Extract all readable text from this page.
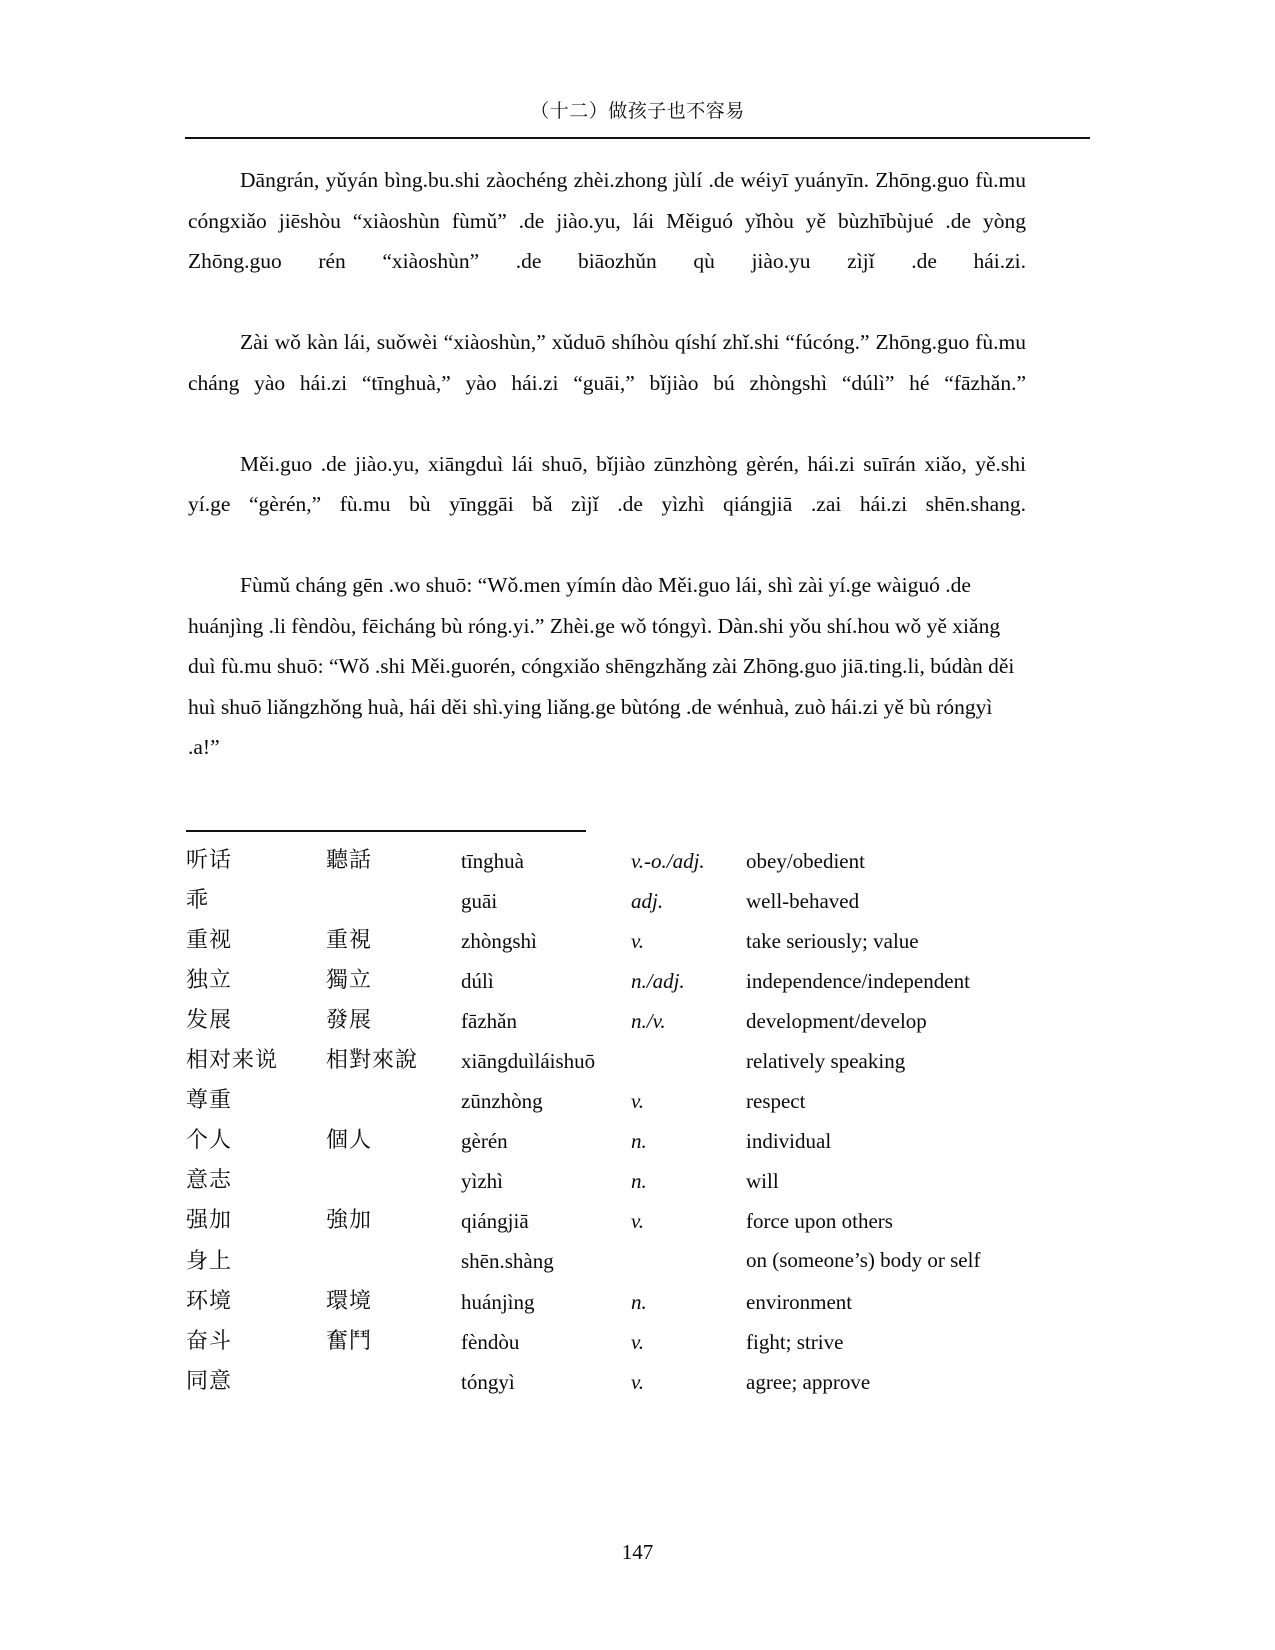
（十二）做孩子也不容易

Dāngrán, yǔyán bìng.bu.shi zàochéng zhèi.zhong jùlí .de wéiyī yuányīn. Zhōng.guo fù.mu cóngxiǎo jiēshòu “xiàoshùn fùmǔ” .de jiào.yu, lái Měiguó yǐhòu yě bùzhībùjué .de yòng Zhōng.guo rén “xiàoshùn” .de biāozhǔn qù jiào.yu zìjǐ .de hái.zi.

Zài wǒ kàn lái, suǒwèi “xiàoshùn,” xǔduō shíhòu qíshí zhǐ.shi “fúcóng.” Zhōng.guo fù.mu cháng yào hái.zi “tīnghuà,” yào hái.zi “guāi,” bǐjiào bú zhòngshì “dúlì” hé “fāzhǎn.”

Měi.guo .de jiào.yu, xiāngduì lái shuō, bǐjiào zūnzhòng gèrén, hái.zi suīrán xiǎo, yě.shi yí.ge “gèrén,” fù.mu bù yīnggāi bǎ zìjǐ .de yìzhì qiángjiā .zai hái.zi shēn.shang.

Fùmǔ cháng gēn .wo shuō: “Wǒ.men yímín dào Měi.guo lái, shì zài yí.ge wàiguó .de huánjìng .li fèndòu, fēicháng bù róng.yi.” Zhèi.ge wǒ tóngyì. Dàn.shi yǒu shí.hou wǒ yě xiǎng duì fù.mu shuō: “Wǒ .shi Měi.guorén, cóngxiǎo shēngzhǎng zài Zhōng.guo jiā.ting.li, búdàn děi huì shuō liǎngzhǒng huà, hái děi shì.ying liǎng.ge bùtóng .de wénhuà, zuò hái.zi yě bù róngyì .a!”

听话	聽話	tīnghuà	v.-o./adj.	obey/obedient
乖		guāi	adj.	well-behaved
重视	重視	zhòngshì	v.	take seriously; value
独立	獨立	dúlì	n./adj.	independence/independent
发展	發展	fāzhǎn	n./v.	development/develop
相对来说	相對來說	xiāngduìláishuō		relatively speaking
尊重		zūnzhòng	v.	respect
个人	個人	gèrén	n.	individual
意志		yìzhì	n.	will
强加	強加	qiángjiā	v.	force upon others
身上		shēn.shàng		on (someone’s) body or self

环境	環境	huánjìng	n.	environment
奋斗	奮鬥	fèndòu	v.	fight; strive
同意		tóngyì	v.	agree; approve
147
